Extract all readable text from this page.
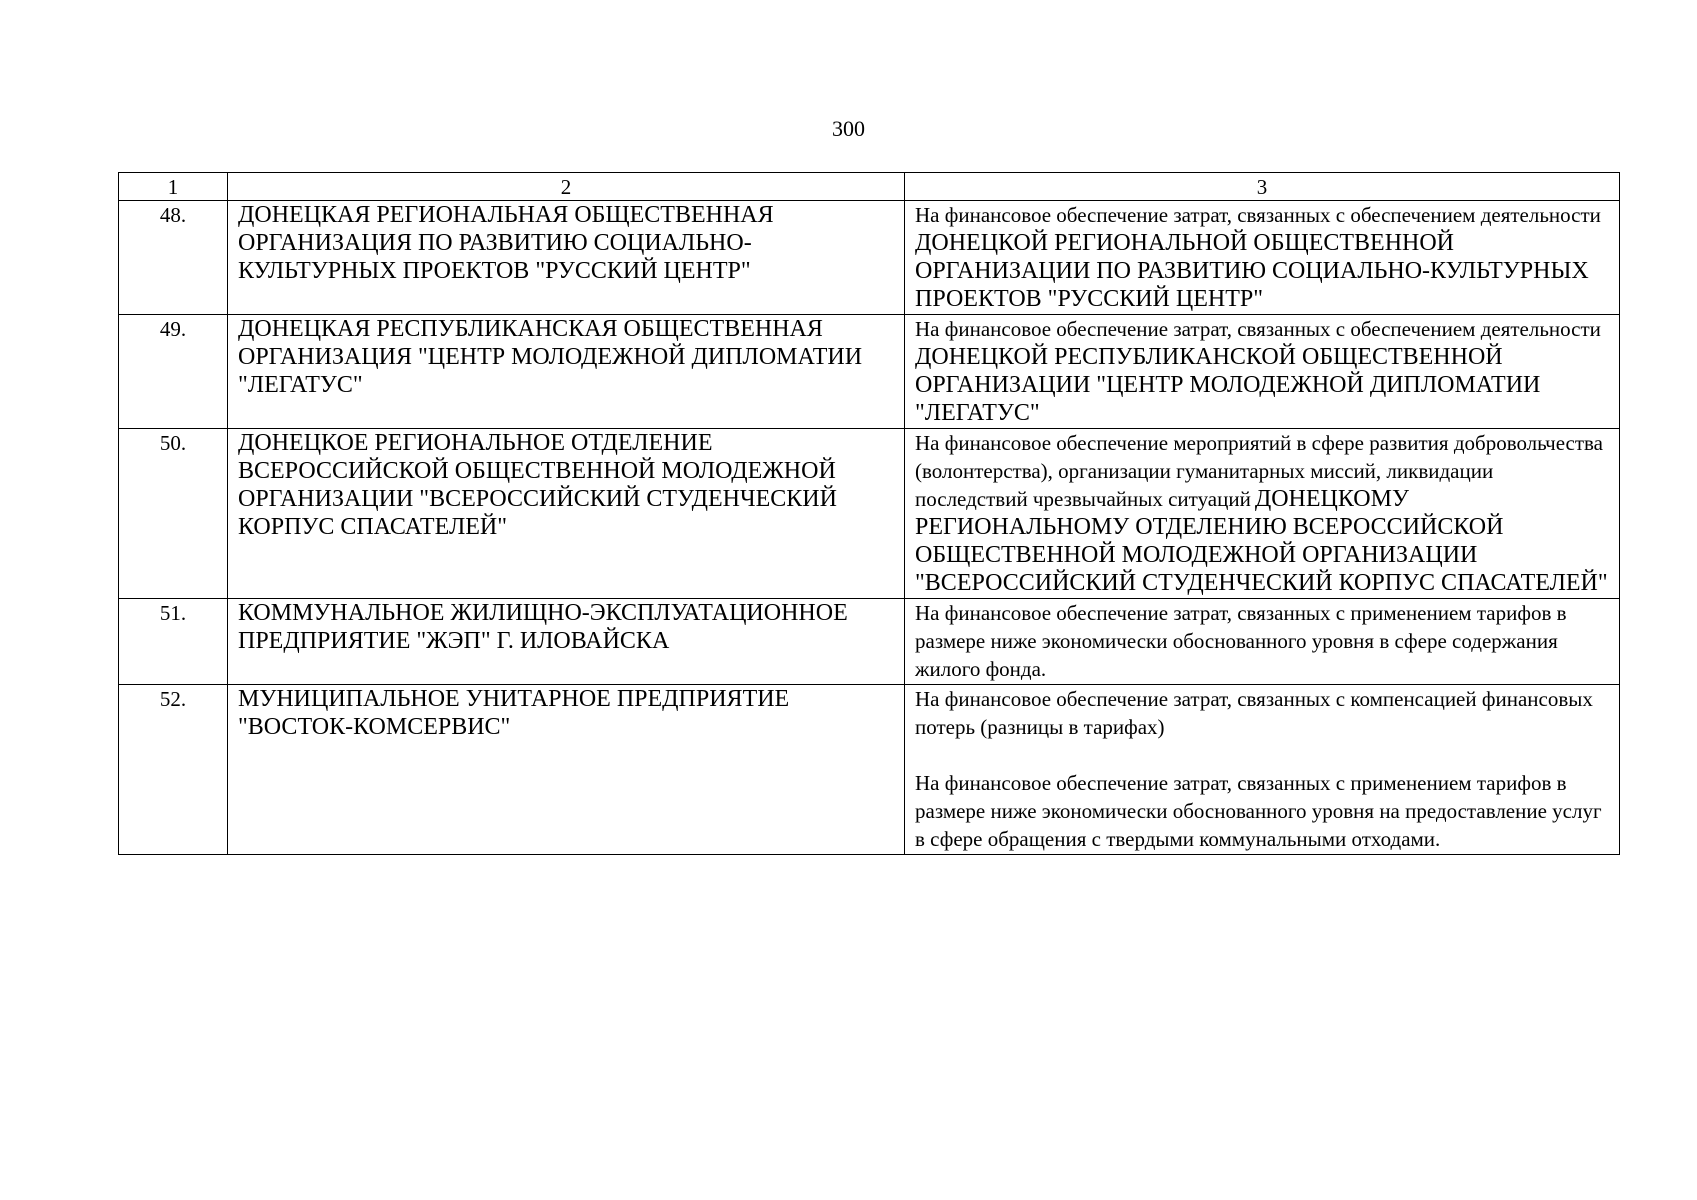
300
1	2	3
48.	ДОНЕЦКАЯ РЕГИОНАЛЬНАЯ ОБЩЕСТВЕННАЯ ОРГАНИЗАЦИЯ ПО РАЗВИТИЮ СОЦИАЛЬНО-КУЛЬТУРНЫХ ПРОЕКТОВ "РУССКИЙ ЦЕНТР"	На финансовое обеспечение затрат, связанных с обеспечением деятельности ДОНЕЦКОЙ РЕГИОНАЛЬНОЙ ОБЩЕСТВЕННОЙ ОРГАНИЗАЦИИ ПО РАЗВИТИЮ СОЦИАЛЬНО-КУЛЬТУРНЫХ ПРОЕКТОВ "РУССКИЙ ЦЕНТР"
49.	ДОНЕЦКАЯ РЕСПУБЛИКАНСКАЯ ОБЩЕСТВЕННАЯ ОРГАНИЗАЦИЯ "ЦЕНТР МОЛОДЕЖНОЙ ДИПЛОМАТИИ "ЛЕГАТУС"	На финансовое обеспечение затрат, связанных с обеспечением деятельности ДОНЕЦКОЙ РЕСПУБЛИКАНСКОЙ ОБЩЕСТВЕННОЙ ОРГАНИЗАЦИИ "ЦЕНТР МОЛОДЕЖНОЙ ДИПЛОМАТИИ "ЛЕГАТУС"
50.	ДОНЕЦКОЕ РЕГИОНАЛЬНОЕ ОТДЕЛЕНИЕ ВСЕРОССИЙСКОЙ ОБЩЕСТВЕННОЙ МОЛОДЕЖНОЙ ОРГАНИЗАЦИИ "ВСЕРОССИЙСКИЙ СТУДЕНЧЕСКИЙ КОРПУС СПАСАТЕЛЕЙ"	На финансовое обеспечение мероприятий в сфере развития добровольчества (волонтерства), организации гуманитарных миссий, ликвидации последствий чрезвычайных ситуаций ДОНЕЦКОМУ РЕГИОНАЛЬНОМУ ОТДЕЛЕНИЮ ВСЕРОССИЙСКОЙ ОБЩЕСТВЕННОЙ МОЛОДЕЖНОЙ ОРГАНИЗАЦИИ "ВСЕРОССИЙСКИЙ СТУДЕНЧЕСКИЙ КОРПУС СПАСАТЕЛЕЙ"
51.	КОММУНАЛЬНОЕ ЖИЛИЩНО-ЭКСПЛУАТАЦИОННОЕ ПРЕДПРИЯТИЕ "ЖЭП" Г. ИЛОВАЙСКА	На финансовое обеспечение затрат, связанных с применением тарифов в размере ниже экономически обоснованного уровня в сфере содержания жилого фонда.
52.	МУНИЦИПАЛЬНОЕ УНИТАРНОЕ ПРЕДПРИЯТИЕ "ВОСТОК-КОМСЕРВИС"	На финансовое обеспечение затрат, связанных с компенсацией финансовых потерь (разницы в тарифах)
На финансовое обеспечение затрат, связанных с применением тарифов в размере ниже экономически обоснованного уровня на предоставление услуг в сфере обращения с твердыми коммунальными отходами.
